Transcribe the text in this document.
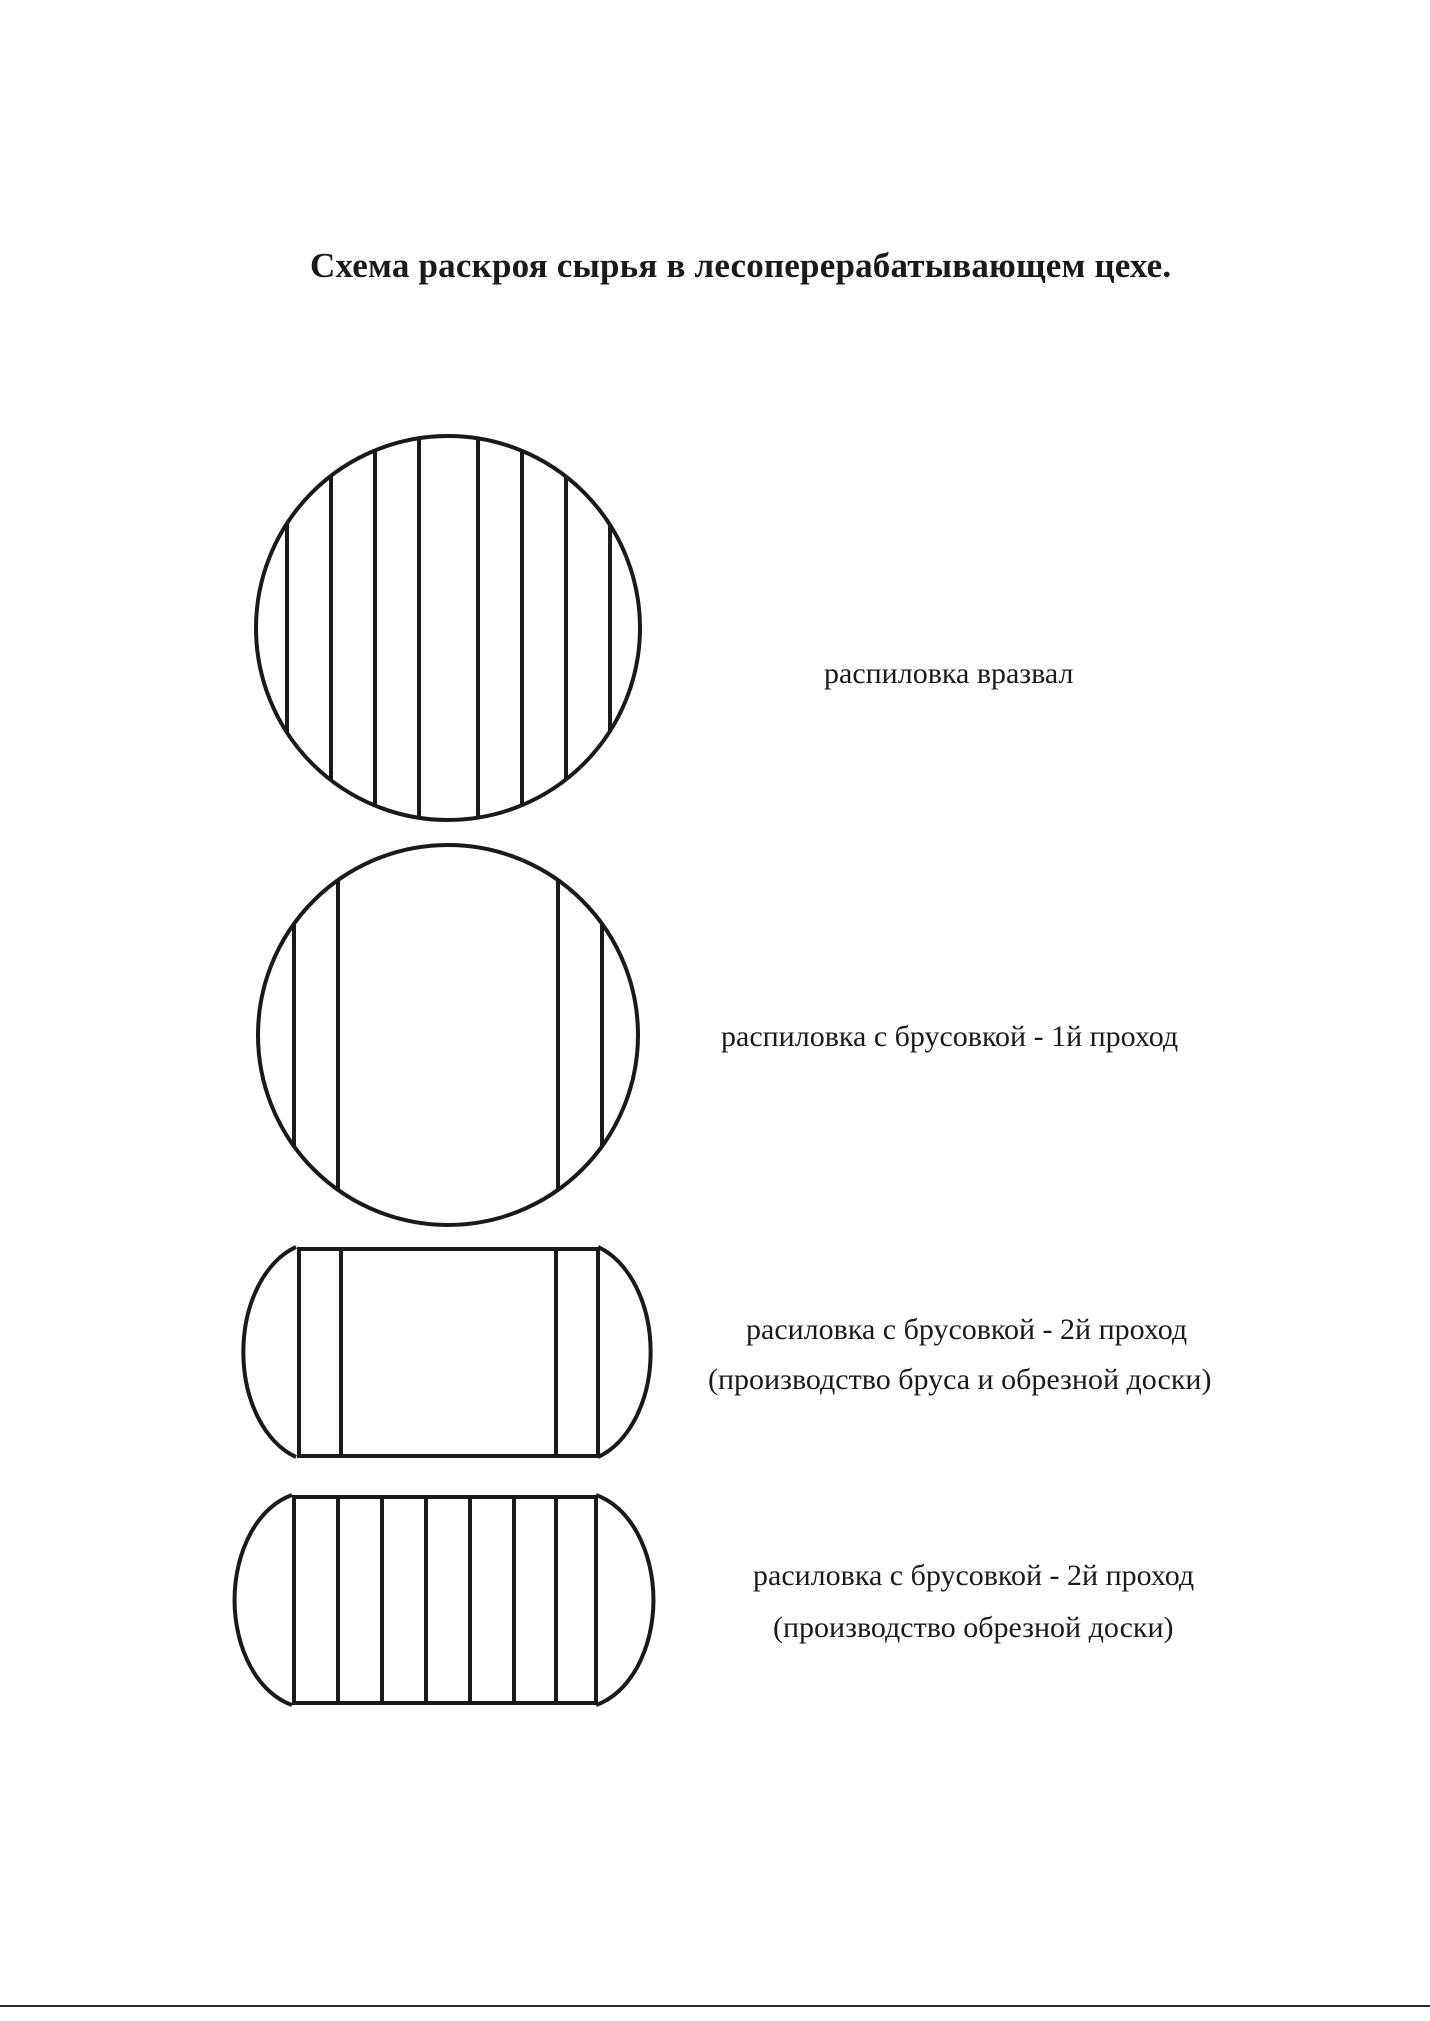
Схема раскроя сырья в лесоперерабатывающем цехе.
распиловка вразвал
распиловка с брусовкой - 1й проход
расиловка с брусовкой - 2й проход
(производство бруса и обрезной доски)
расиловка с брусовкой - 2й проход
(производство обрезной доски)
